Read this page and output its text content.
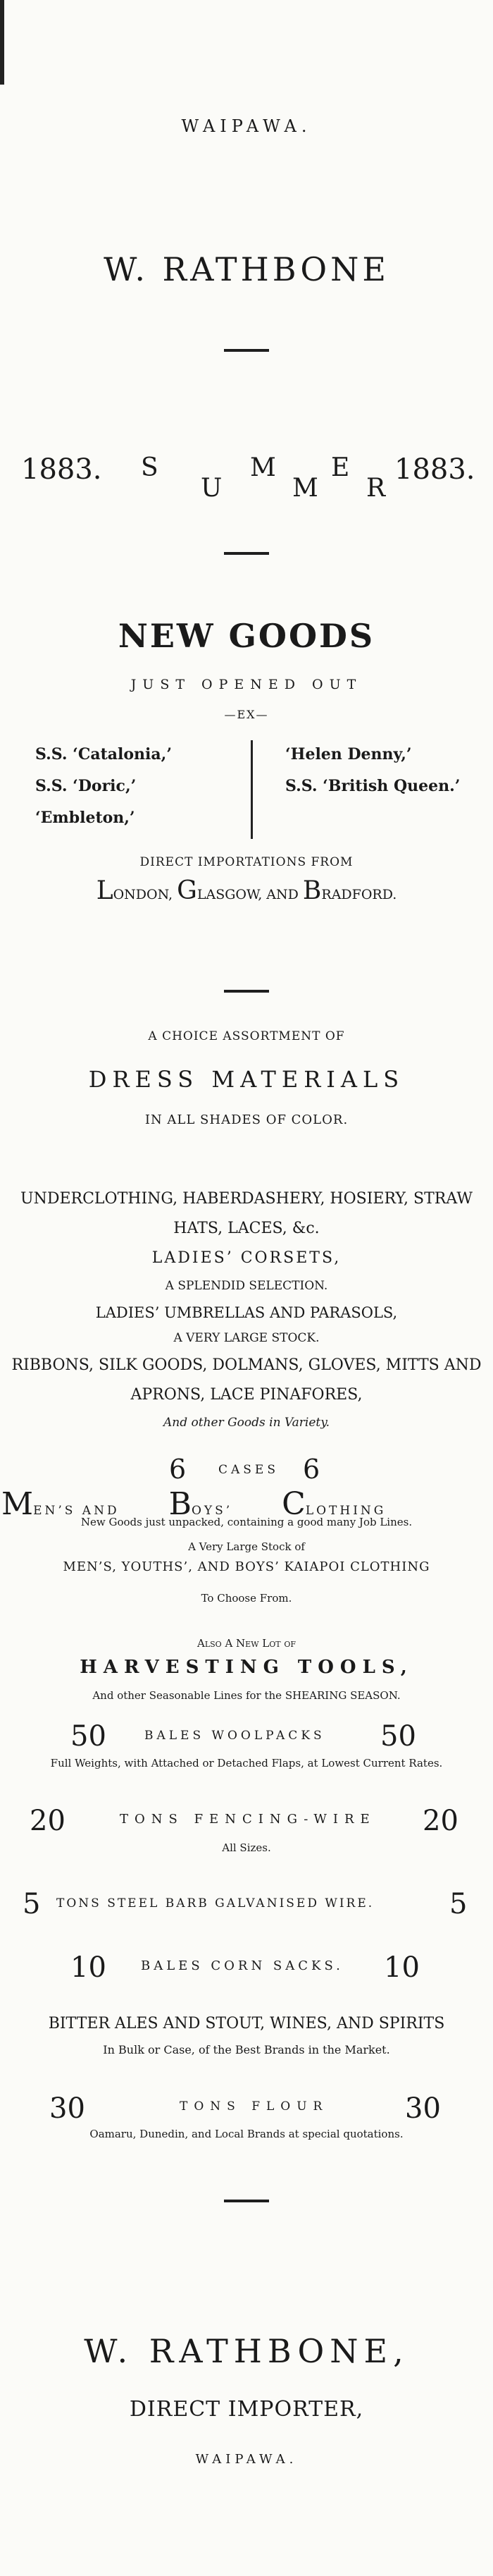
WAIPAWA.
W. RATHBONE
1883. S
U
M
M
E
R
1883.
NEW GOODS
JUST OPENED OUT
—EX—
S.S. ‘Catalonia,’
S.S. ‘Doric,’
‘Embleton,’
‘Helen Denny,’
S.S. ‘British Queen.’
DIRECT IMPORTATIONS FROM
LONDON, GLASGOW, AND BRADFORD.
A CHOICE ASSORTMENT OF
DRESS MATERIALS
IN ALL SHADES OF COLOR.
UNDERCLOTHING, HABERDASHERY, HOSIERY, STRAW
HATS, LACES, &c.
LADIES’ CORSETS,
A SPLENDID SELECTION.
LADIES’ UMBRELLAS AND PARASOLS,
A VERY LARGE STOCK.
RIBBONS, SILK GOODS, DOLMANS, GLOVES, MITTS AND
APRONS, LACE PINAFORES,
And other Goods in Variety.
6	CASES 6
MEN’S AND BOYS’ CLOTHING
New Goods just unpacked, containing a good many Job Lines.
A Very Large Stock of
MEN’S, YOUTHS’, AND BOYS’ KAIAPOI CLOTHING
To Choose From.
Also A New Lot of
HARVESTING TOOLS,
And other Seasonable Lines for the SHEARING SEASON.
50	BALES WOOLPACKS 50
Full Weights, with Attached or Detached Flaps, at Lowest Current Rates.
20	TONS FENCING-WIRE 20
All Sizes.
5 TONS STEEL BARB GALVANISED WIRE.	5
10	BALES CORN SACKS. 10
BITTER ALES AND STOUT, WINES, AND SPIRITS
In Bulk or Case, of the Best Brands in the Market.
30	TONS FLOUR	30
Oamaru, Dunedin, and Local Brands at special quotations.
W. RATHBONE,
DIRECT IMPORTER,
WAIPAWA.
